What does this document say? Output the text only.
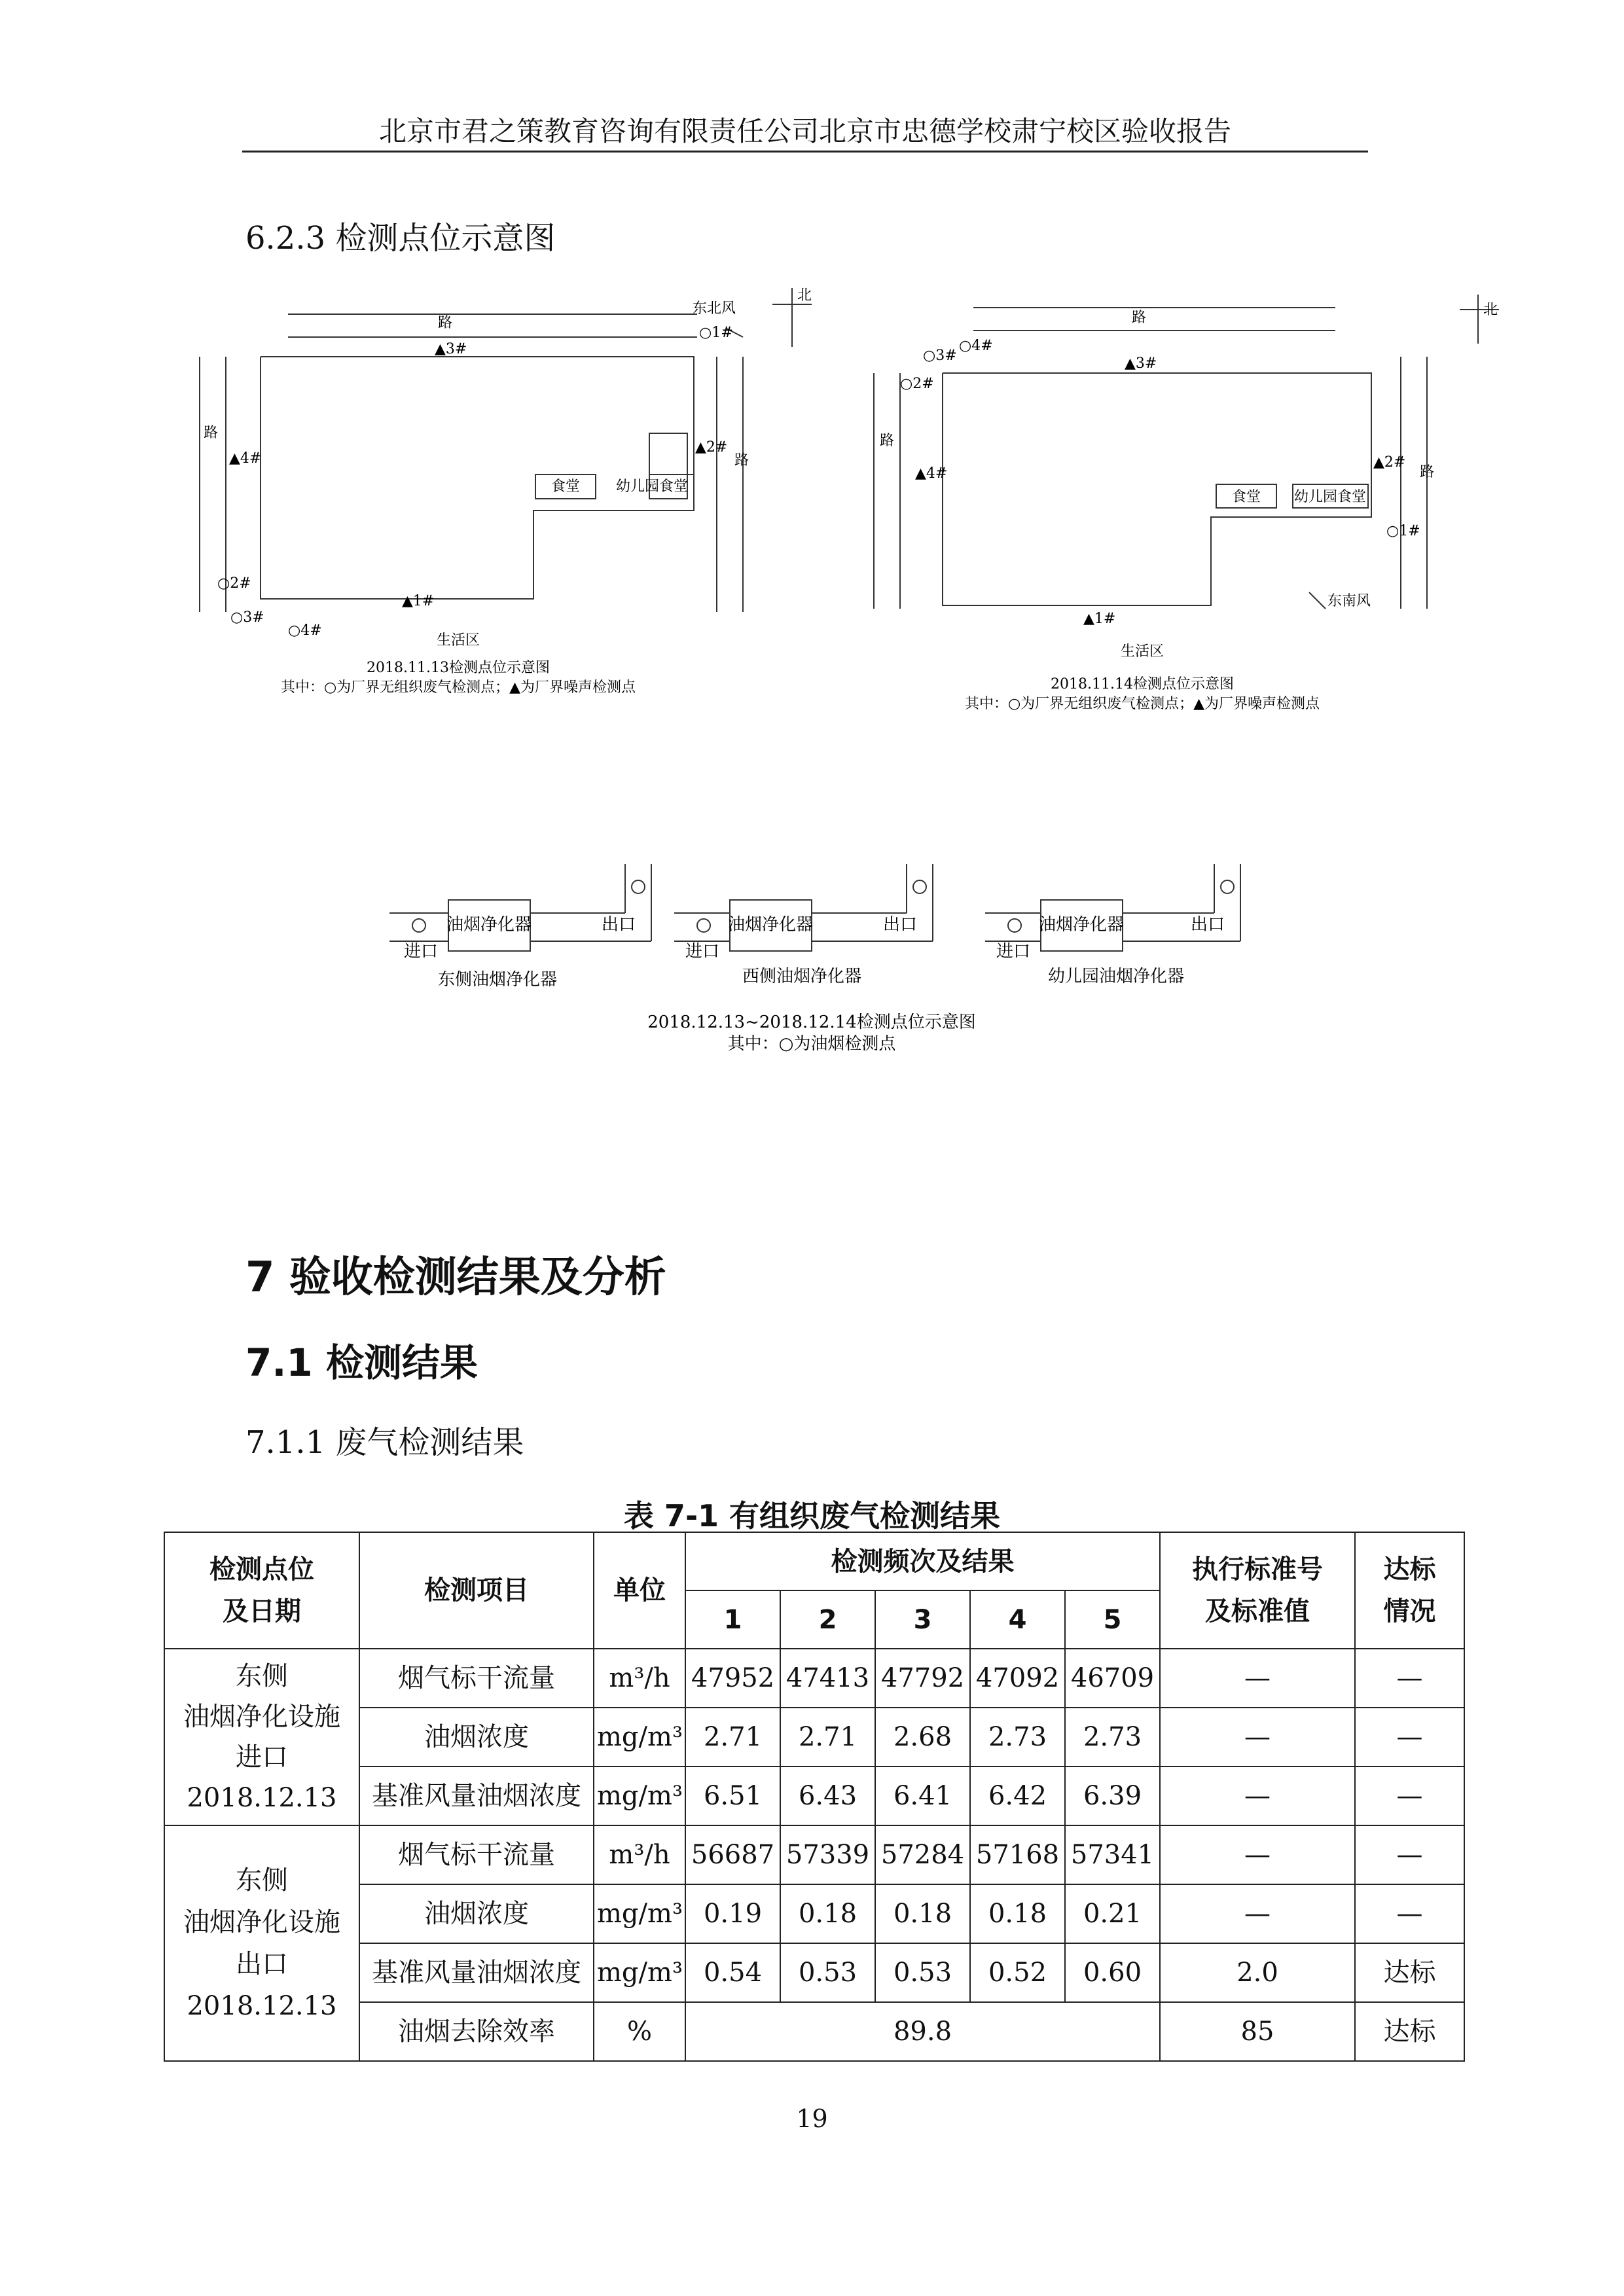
北京市君之策教育咨询有限责任公司北京市忠德学校肃宁校区验收报告
6.2.3 检测点位示意图
路
路
路
东北风
北
▲3#
▲4#
▲2#
▲1#
○1#
○2#
○3#
○4#
食堂 幼儿园食堂
生活区
2018.11.13检测点位示意图
其中：○为厂界无组织废气检测点；▲为厂界噪声检测点
路
路
路
东南风
北
▲3#
▲4#
▲2#
▲1#
○1#
○2#
○3#
○4#
食堂 幼儿园食堂
生活区
2018.11.14检测点位示意图
其中：○为厂界无组织废气检测点；▲为厂界噪声检测点
油烟净化器
进口
出口
东侧油烟净化器
油烟净化器
进口
出口
西侧油烟净化器
油烟净化器
进口
出口
幼儿园油烟净化器
2018.12.13~2018.12.14检测点位示意图
其中：○为油烟检测点
7 验收检测结果及分析
7.1 检测结果
7.1.1 废气检测结果
表 7-1 有组织废气检测结果
检测点位
及日期	检测项目	单位	检测频次及结果					执行标准号
及标准值	达标
情况
			1	2	3	4	5		
东侧
油烟净化设施
进口
2018.12.13	烟气标干流量	m³/h	47952	47413	47792	47092	46709	—	—
	油烟浓度	mg/m³	2.71	2.71	2.68	2.73	2.73	—	—
	基准风量油烟浓度	mg/m³	6.51	6.43	6.41	6.42	6.39	—	—
东侧
油烟净化设施
出口
2018.12.13	烟气标干流量	m³/h	56687	57339	57284	57168	57341	—	—
	油烟浓度	mg/m³	0.19	0.18	0.18	0.18	0.21	—	—
	基准风量油烟浓度	mg/m³	0.54	0.53	0.53	0.52	0.60	2.0	达标
	油烟去除效率	%	89.8					85	达标
19
